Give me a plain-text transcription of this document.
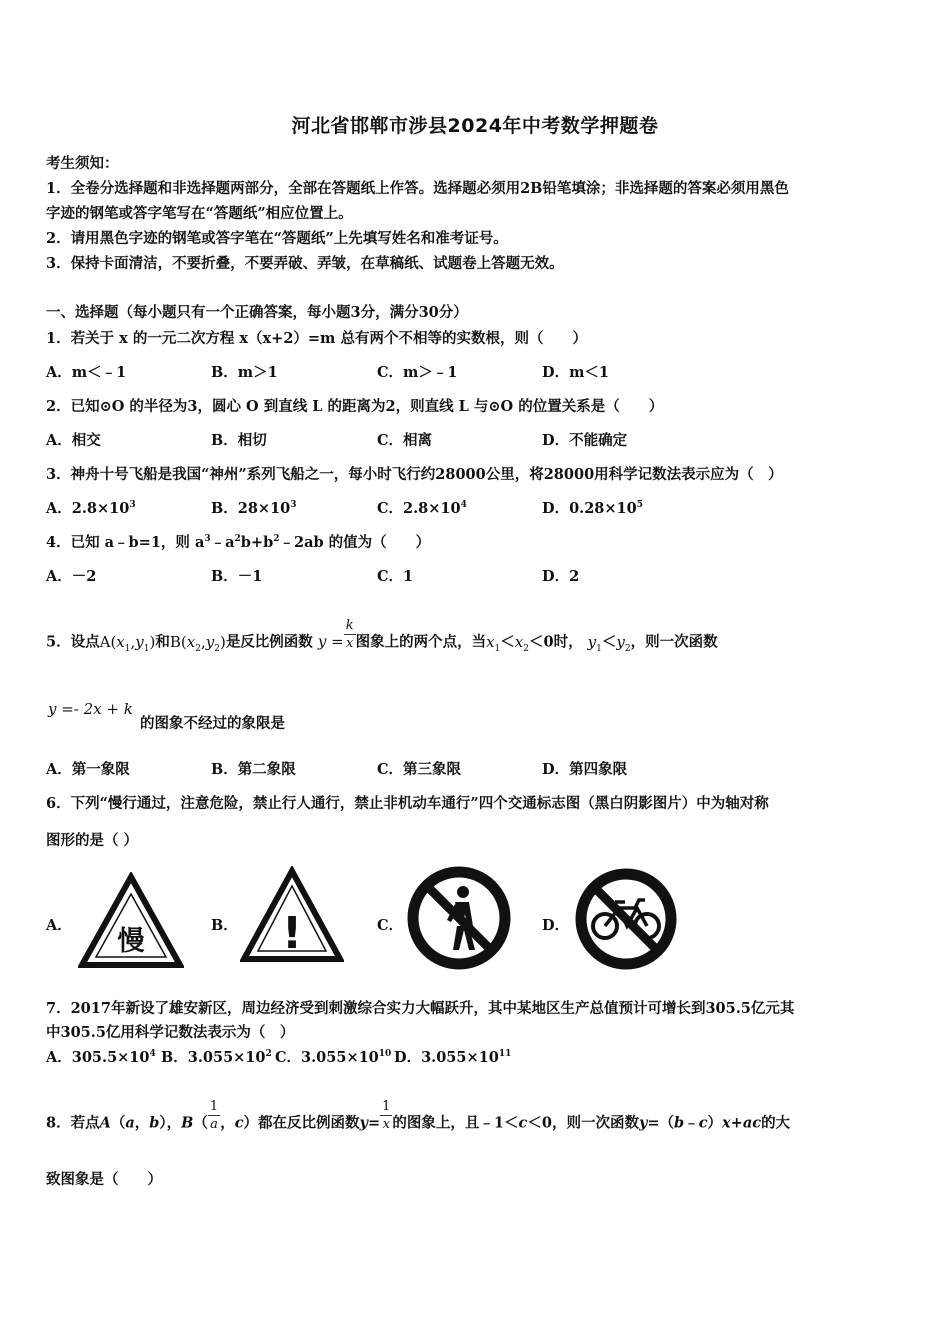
河北省邯郸市涉县2024年中考数学押题卷
考生须知：
1．全卷分选择题和非选择题两部分，全部在答题纸上作答。选择题必须用2B铅笔填涂；非选择题的答案必须用黑色
字迹的钢笔或答字笔写在“答题纸”相应位置上。
2．请用黑色字迹的钢笔或答字笔在“答题纸”上先填写姓名和准考证号。
3．保持卡面清洁，不要折叠，不要弄破、弄皱，在草稿纸、试题卷上答题无效。
一、选择题（每小题只有一个正确答案，每小题3分，满分30分）
1．若关于 x 的一元二次方程 x（x+2）=m 总有两个不相等的实数根，则（　　）
A．m＜﹣1	B．m＞1	C．m＞﹣1	D．m＜1
2．已知⊙O 的半径为3，圆心 O 到直线 L 的距离为2，则直线 L 与⊙O 的位置关系是（　　）
A．相交	B．相切	C．相离	D．不能确定
3．神舟十号飞船是我国“神州”系列飞船之一，每小时飞行约28000公里，将28000用科学记数法表示应为（　）
A．$2.8\times 10^3$	B．$28\times 10^3$	C．$2.8\times 10^4$	D．$0.28\times 10^5$
4．已知 a﹣b=1，则 $a^3﹣a^2b+b^2﹣2ab$ 的值为（　　）
A．－2	B．－1	C．1	D．2
5．设点$A(x_1,y_1)$和$B(x_2,y_2)$是反比例函数 $y = \frac{k}{x}$ 图象上的两个点，当$x_1<x_2<0$时， $y_1<y_2$，则一次函数
y =- 2x + k
的图象不经过的象限是
A．第一象限	B．第二象限	C．第三象限	D．第四象限
6．下列“慢行通过，注意危险，禁止行人通行，禁止非机动车通行”四个交通标志图（黑白阴影图片）中为轴对称
图形的是（ ）
A．	B．	C．	D．
慢	!
7．2017年新设了雄安新区，周边经济受到刺激综合实力大幅跃升，其中某地区生产总值预计可增长到305.5亿元其
中305.5亿用科学记数法表示为（　）
A．$305.5\times 10^4$ B．$3.055\times 10^2$ C．$3.055\times 10^{10}$ D．$3.055\times 10^{11}$
8．若点A（a，b），$B( \frac{1}{a}$ ，c）都在反比例函数$y= \frac{1}{x}$ 的图象上，且﹣1＜c＜0，则一次函数y=（b﹣c）x+ac的大
致图象是（　　）
